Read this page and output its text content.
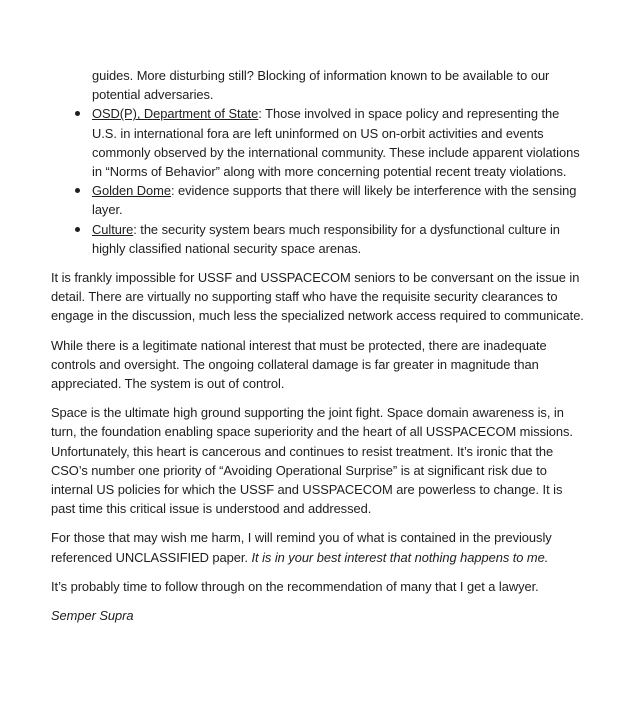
guides. More disturbing still? Blocking of information known to be available to our potential adversaries.

OSD(P), Department of State: Those involved in space policy and representing the U.S. in international fora are left uninformed on US on-orbit activities and events commonly observed by the international community. These include apparent violations in “Norms of Behavior” along with more concerning potential recent treaty violations.
Golden Dome: evidence supports that there will likely be interference with the sensing layer.
Culture: the security system bears much responsibility for a dysfunctional culture in highly classified national security space arenas.

It is frankly impossible for USSF and USSPACECOM seniors to be conversant on the issue in detail. There are virtually no supporting staff who have the requisite security clearances to engage in the discussion, much less the specialized network access required to communicate.

While there is a legitimate national interest that must be protected, there are inadequate controls and oversight. The ongoing collateral damage is far greater in magnitude than appreciated. The system is out of control.

Space is the ultimate high ground supporting the joint fight. Space domain awareness is, in turn, the foundation enabling space superiority and the heart of all USSPACECOM missions. Unfortunately, this heart is cancerous and continues to resist treatment. It’s ironic that the CSO’s number one priority of “Avoiding Operational Surprise” is at significant risk due to internal US policies for which the USSF and USSPACECOM are powerless to change. It is past time this critical issue is understood and addressed.

For those that may wish me harm, I will remind you of what is contained in the previously referenced UNCLASSIFIED paper. It is in your best interest that nothing happens to me.

It’s probably time to follow through on the recommendation of many that I get a lawyer.

Semper Supra
